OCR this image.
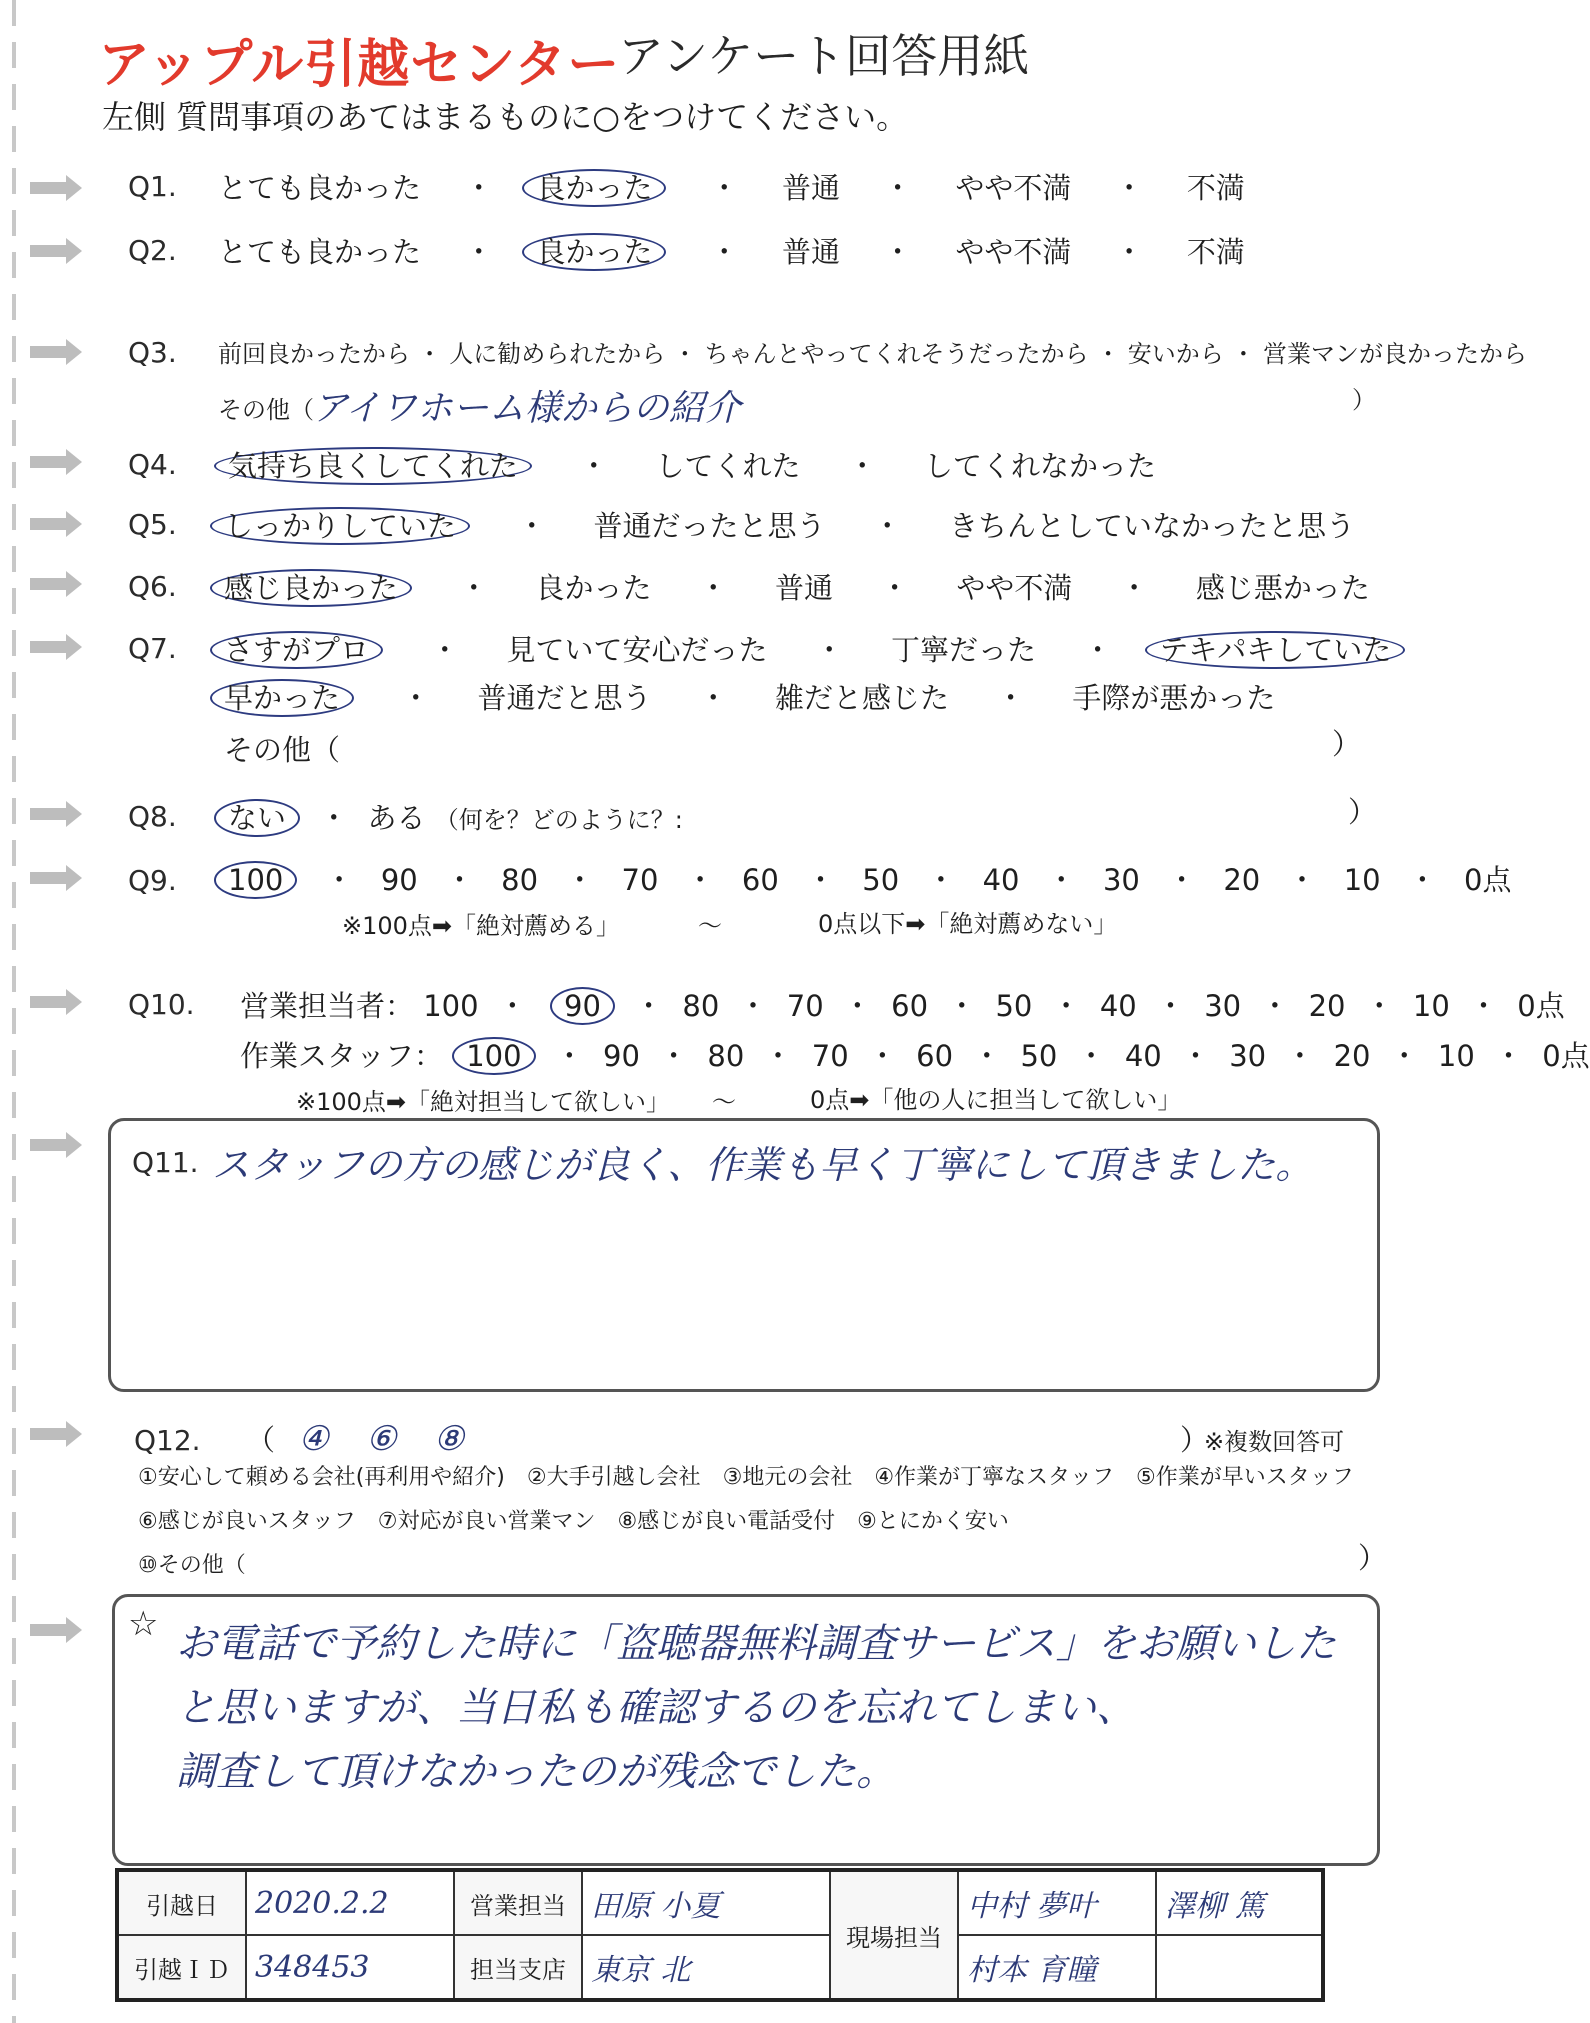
アップル引越センター
アンケート回答用紙
左側 質問事項のあてはまるものに○をつけてください。
Q1. とても良かった ・ 良かった ・ 普通 ・ やや不満 ・ 不満
Q2. とても良かった ・ 良かった ・ 普通 ・ やや不満 ・ 不満
Q3. 前回良かったから ・ 人に勧められたから ・ ちゃんとやってくれそうだったから ・ 安いから ・ 営業マンが良かったから
その他（
アイワホーム様からの紹介	）
Q4. 気持ち良くしてくれた ・ してくれた ・ してくれなかった
Q5. しっかりしていた ・ 普通だったと思う ・ きちんとしていなかったと思う
Q6. 感じ良かった ・ 良かった ・ 普通 ・ やや不満 ・ 感じ悪かった
Q7. さすがプロ ・ 見ていて安心だった ・ 丁寧だった ・ テキパキしていた
早かった ・ 普通だと思う ・ 雑だと感じた ・ 手際が悪かった
その他（	）
Q8. ない ・ ある （何を？どのように？:	）
Q9. 100 ・ 90 ・ 80 ・ 70 ・ 60 ・ 50 ・ 40 ・ 30 ・ 20 ・ 10 ・ 0点
※100点➡「絶対薦める」	～	0点以下➡「絶対薦めない」
Q10. 営業担当者： 100 ・ 90 ・ 80 ・ 70 ・ 60 ・ 50 ・ 40 ・ 30 ・ 20 ・ 10 ・ 0点
作業スタッフ： 100 ・ 90 ・ 80 ・ 70 ・ 60 ・ 50 ・ 40 ・ 30 ・ 20 ・ 10 ・ 0点
※100点➡「絶対担当して欲しい」 ～	0点➡「他の人に担当して欲しい」
Q11. スタッフの方の感じが良く、作業も早く丁寧にして頂きました。
Q12. （ ④ ⑥ ⑧	）
※複数回答可
①安心して頼める会社(再利用や紹介)　②大手引越し会社　③地元の会社　④作業が丁寧なスタッフ　⑤作業が早いスタッフ
⑥感じが良いスタッフ　⑦対応が良い営業マン　⑧感じが良い電話受付　⑨とにかく安い
⑩その他（	）
☆ お電話で予約した時に「盗聴器無料調査サービス」をお願いした
と思いますが、当日私も確認するのを忘れてしまい、
調査して頂けなかったのが残念でした。
引越日	2020.2.2	営業担当	田原 小夏	現場担当	中村 夢叶	澤柳 篤
引越ＩＤ	348453	担当支店	東京 北		村本 育瞳	
